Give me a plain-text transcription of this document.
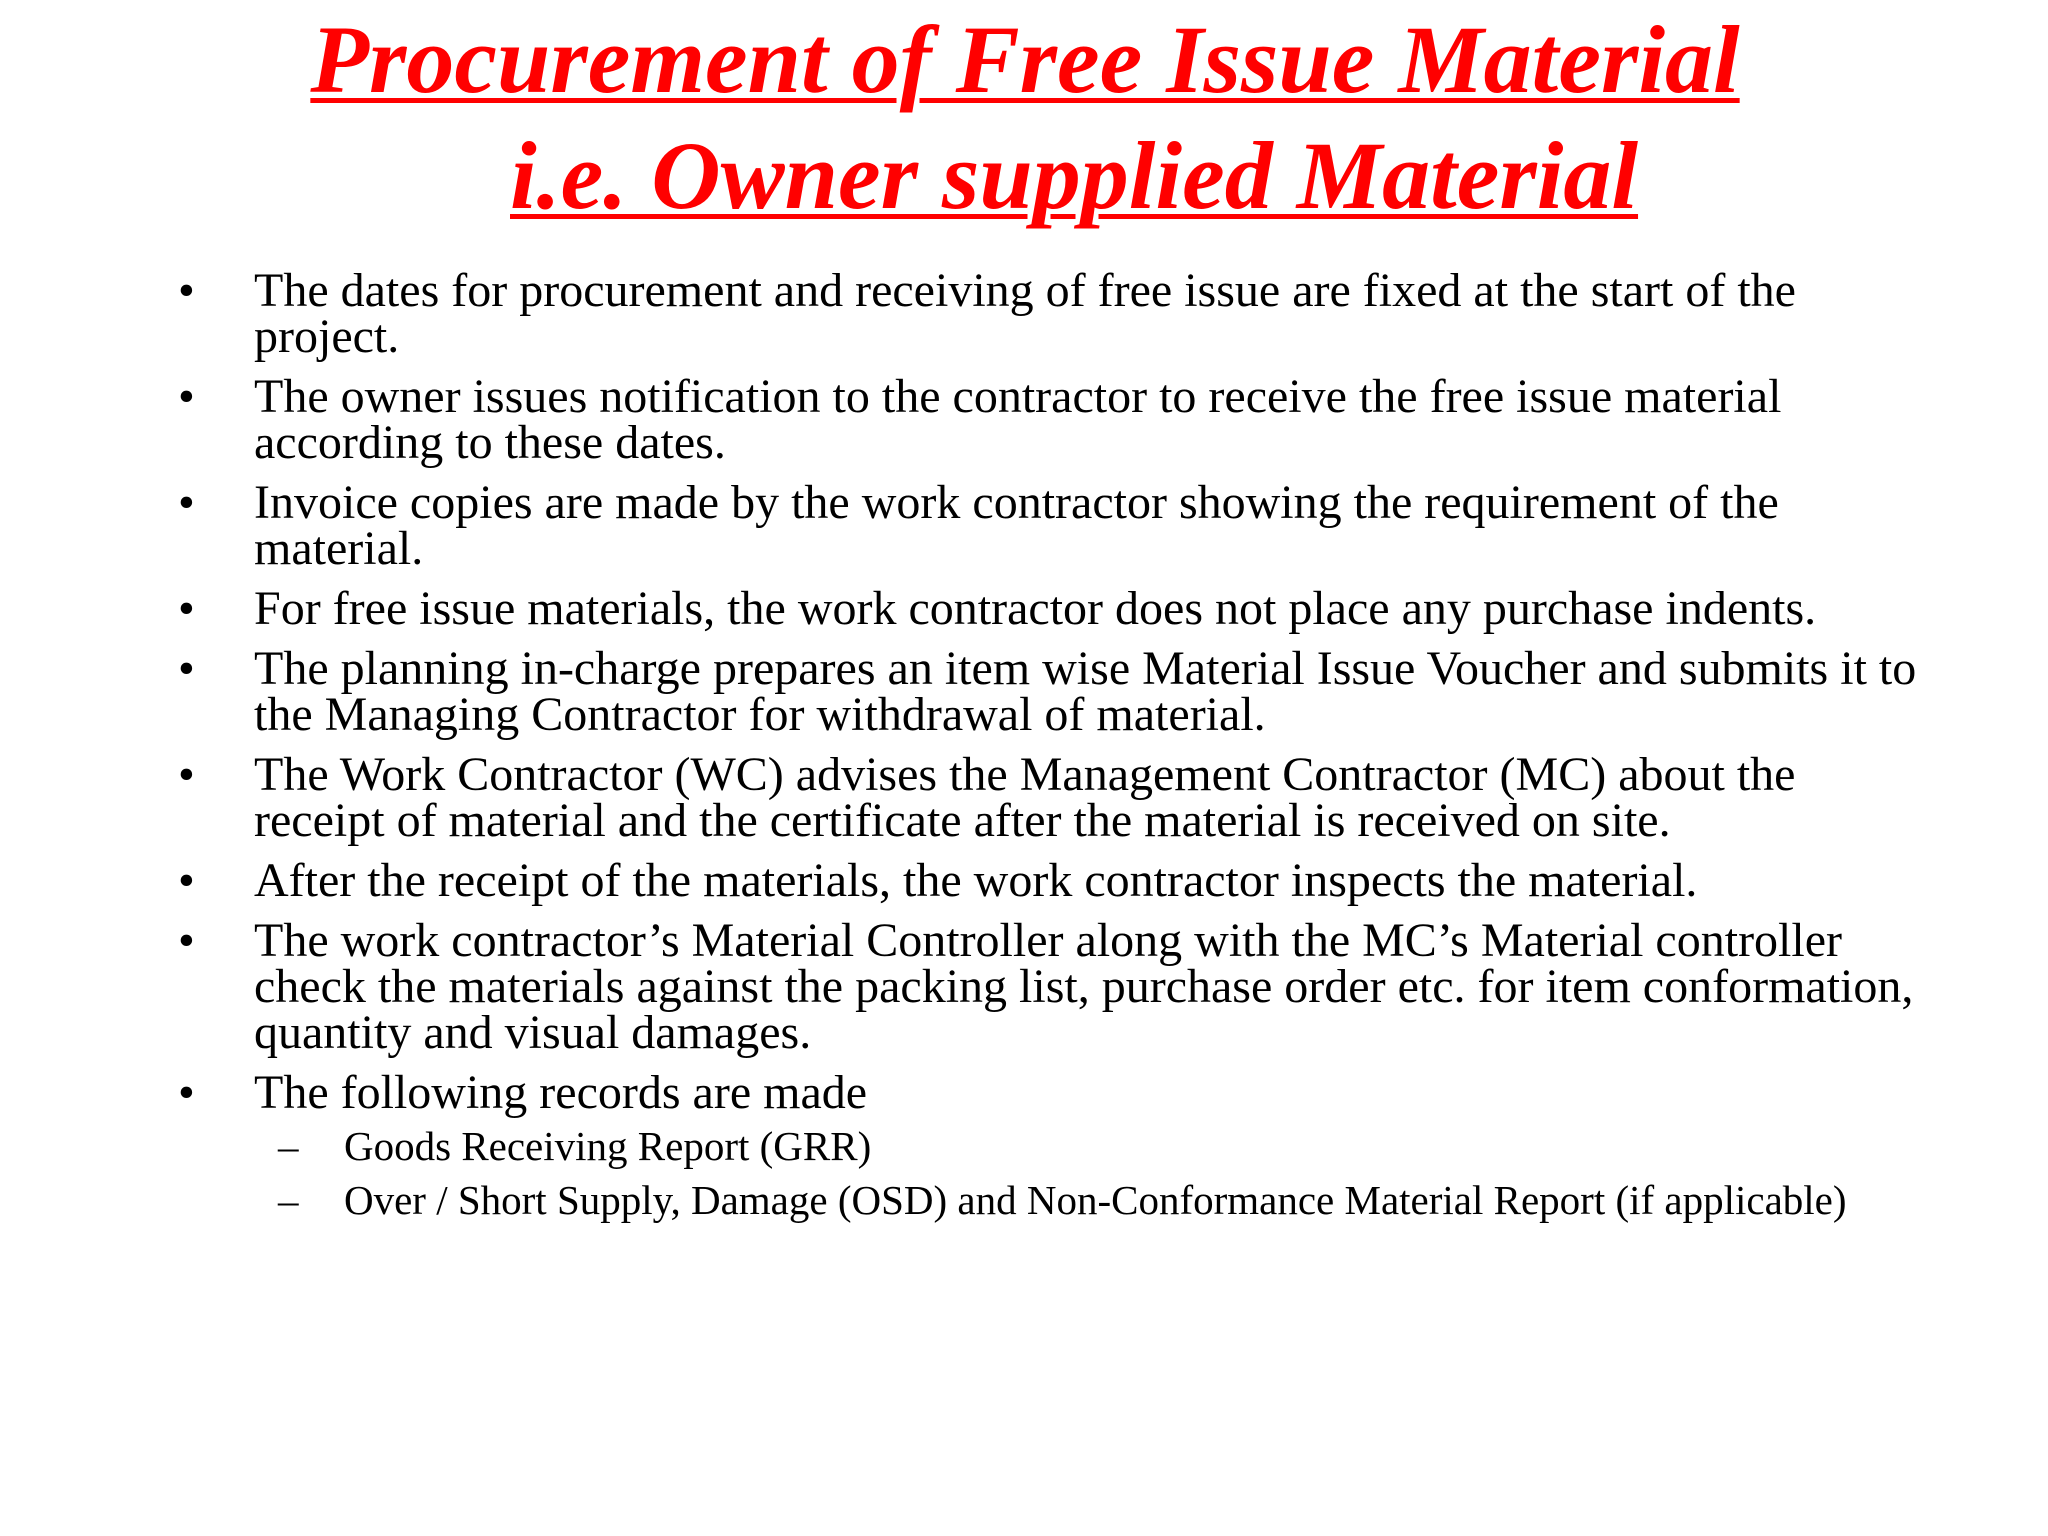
Procurement of Free Issue Material
i.e. Owner supplied Material
• The dates for procurement and receiving of free issue are fixed at the start of the project.
• The owner issues notification to the contractor to receive the free issue material according to these dates.
• Invoice copies are made by the work contractor showing the requirement of the material.
• For free issue materials, the work contractor does not place any purchase indents.
• The planning in-charge prepares an item wise Material Issue Voucher and submits it to the Managing Contractor for withdrawal of material.
• The Work Contractor (WC) advises the Management Contractor (MC) about the receipt of material and the certificate after the material is received on site.
• After the receipt of the materials, the work contractor inspects the material.
• The work contractor’s Material Controller along with the MC’s Material controller check the materials against the packing list, purchase order etc. for item conformation, quantity and visual damages.
• The following records are made
– Goods Receiving Report (GRR)
– Over / Short Supply, Damage (OSD) and Non-Conformance Material Report (if applicable)
